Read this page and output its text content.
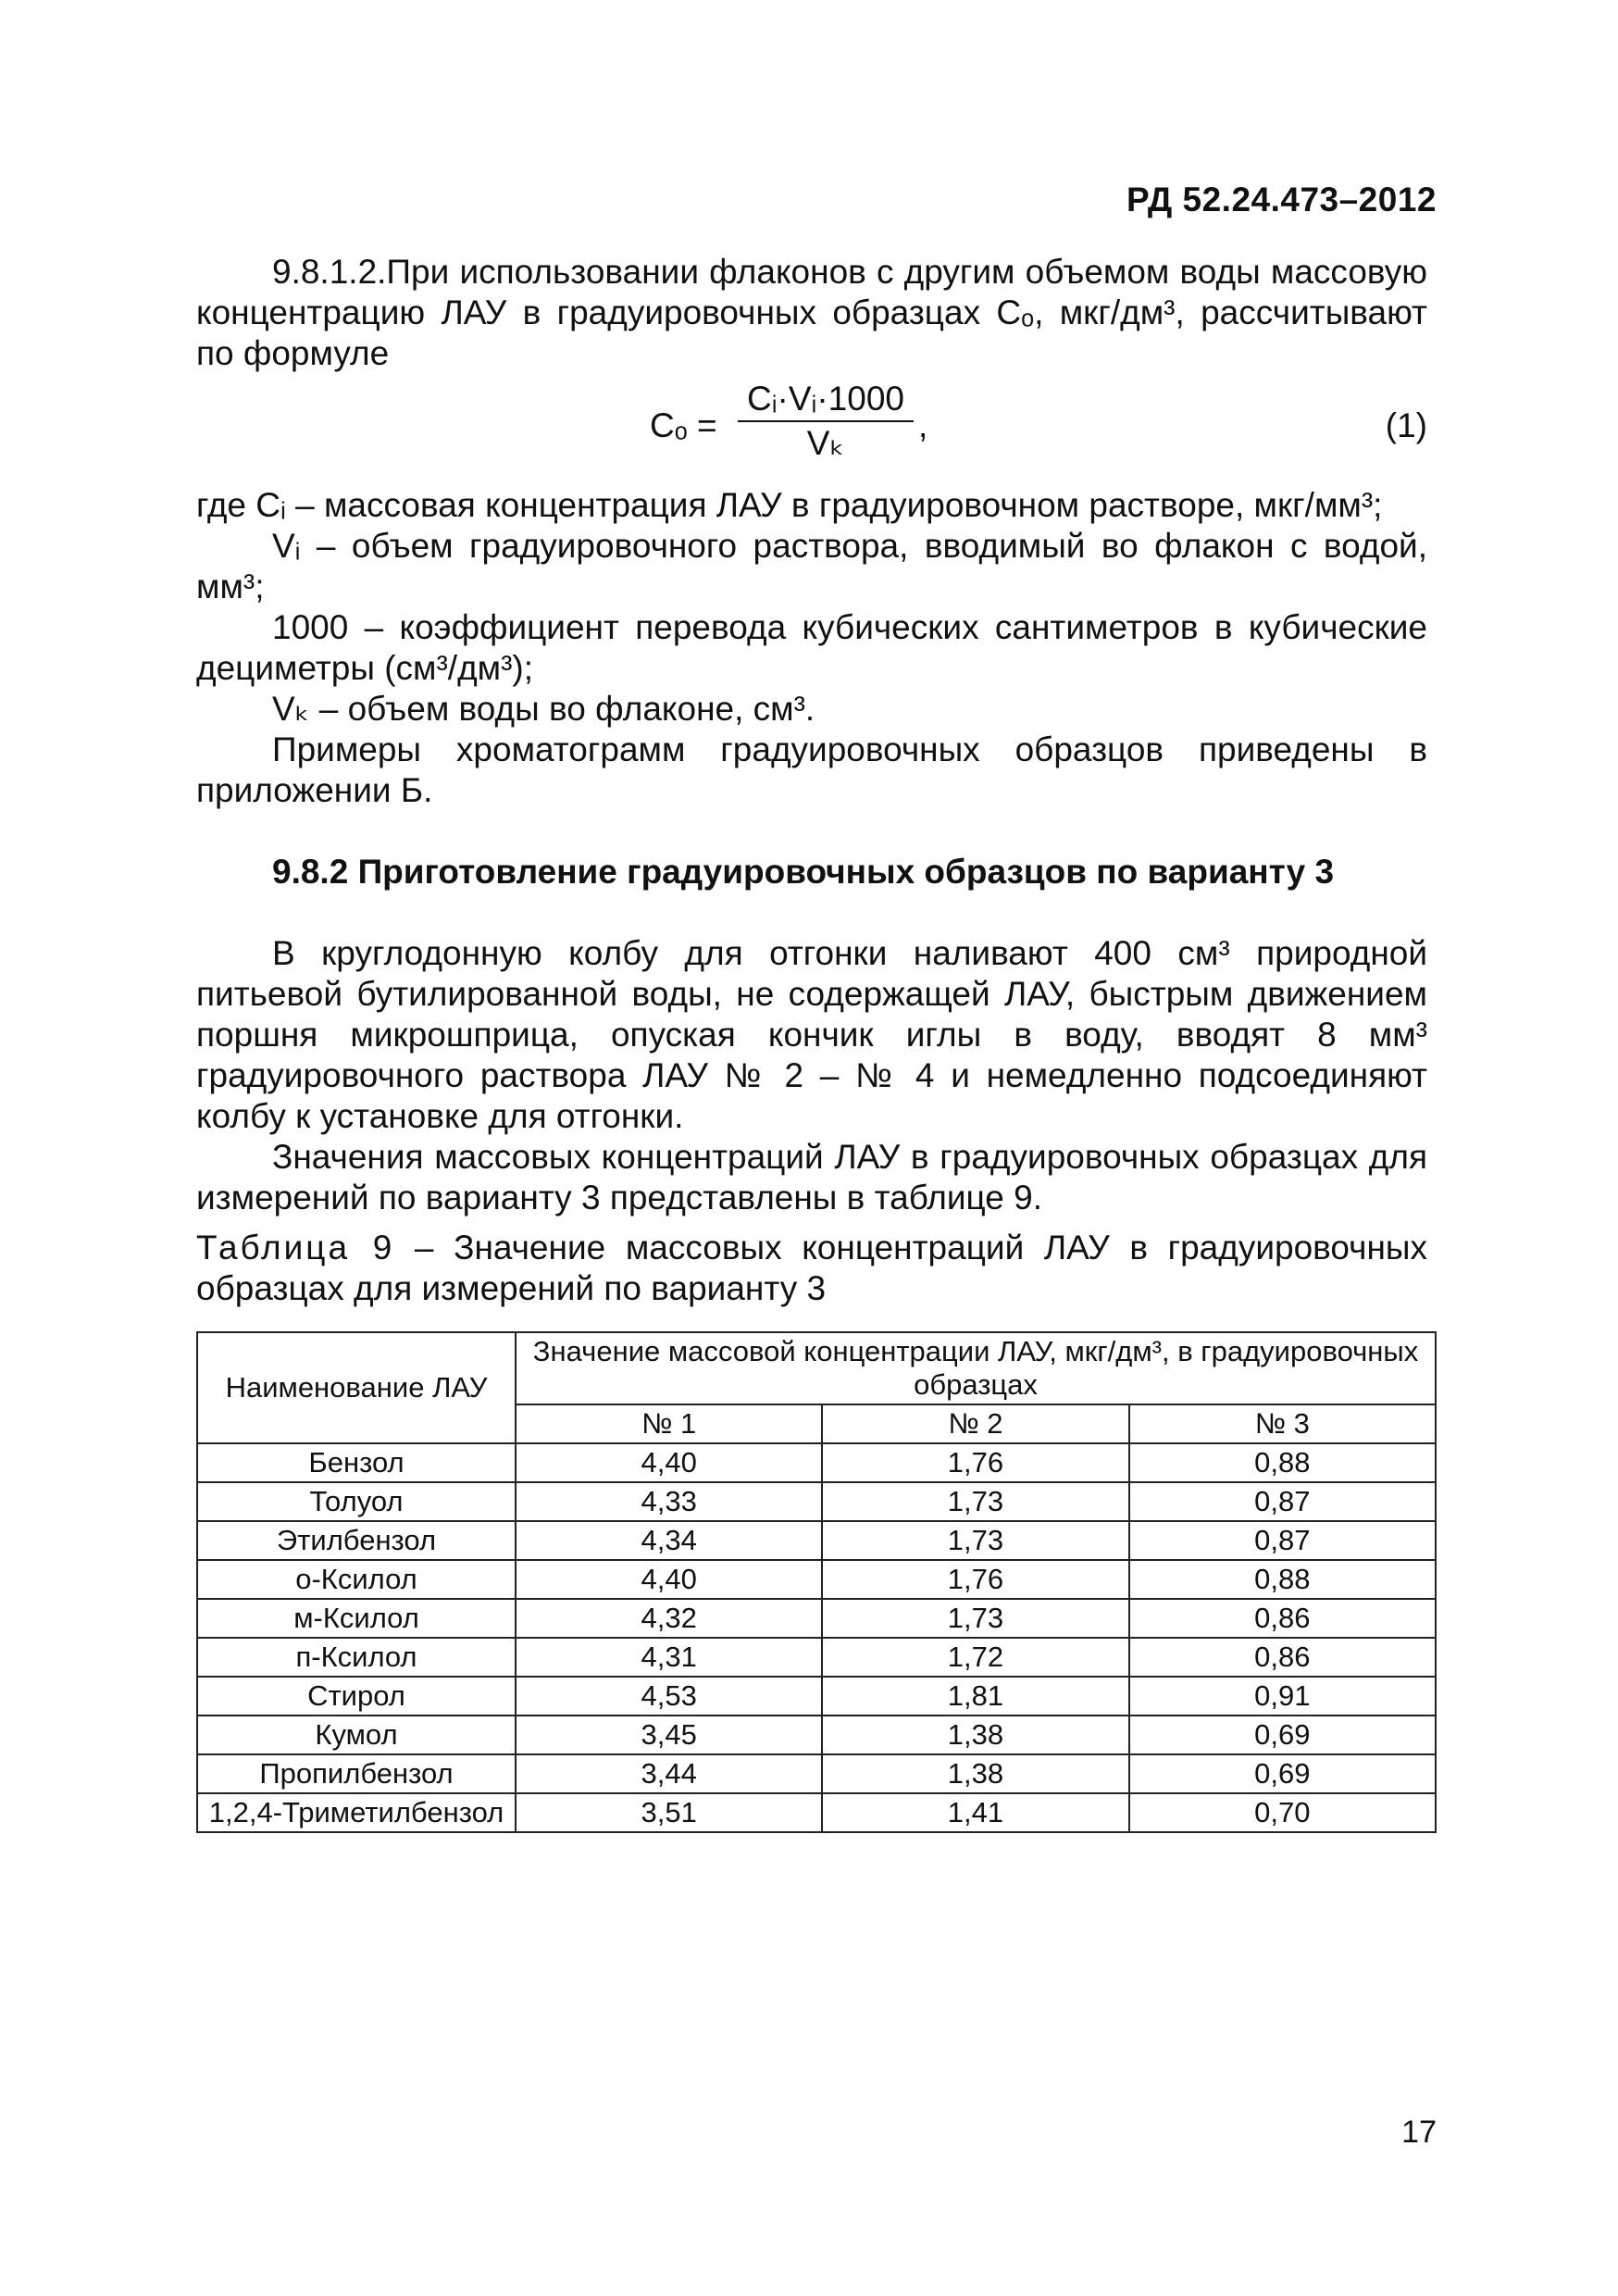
РД 52.24.473–2012

9.8.1.2.При использовании флаконов с другим объемом воды массовую концентрацию ЛАУ в градуировочных образцах Cₒ, мкг/дм³, рассчитывают по формуле

$C_o = \frac{\text{Cᵢ·Vᵢ·1000}}{\text{Vₖ}}$ ,	(1)

где Cᵢ – массовая концентрация ЛАУ в градуировочном растворе, мкг/мм³;

Vᵢ – объем градуировочного раствора, вводимый во флакон с водой, мм³;

1000 – коэффициент перевода кубических сантиметров в кубические дециметры (см³/дм³);

Vₖ – объем воды во флаконе, см³.

Примеры хроматограмм градуировочных образцов приведены в приложении Б.

9.8.2 Приготовление градуировочных образцов по варианту 3

В круглодонную колбу для отгонки наливают 400 см³ природной питьевой бутилированной воды, не содержащей ЛАУ, быстрым движением поршня микрошприца, опуская кончик иглы в воду, вводят 8 мм³ градуировочного раствора ЛАУ № 2 – № 4 и немедленно подсоединяют колбу к установке для отгонки.

Значения массовых концентраций ЛАУ в градуировочных образцах для измерений по варианту 3 представлены в таблице 9.

Таблица 9 – Значение массовых концентраций ЛАУ в градуировочных образцах для измерений по варианту 3

Наименование ЛАУ	Значение массовой концентрации ЛАУ, мкг/дм³, в градуировочных образцах		
	№ 1	№ 2	№ 3
Бензол	4,40	1,76	0,88
Толуол	4,33	1,73	0,87
Этилбензол	4,34	1,73	0,87
о-Ксилол	4,40	1,76	0,88
м-Ксилол	4,32	1,73	0,86
п-Ксилол	4,31	1,72	0,86
Стирол	4,53	1,81	0,91
Кумол	3,45	1,38	0,69
Пропилбензол	3,44	1,38	0,69
1,2,4-Триметилбензол	3,51	1,41	0,70
17
